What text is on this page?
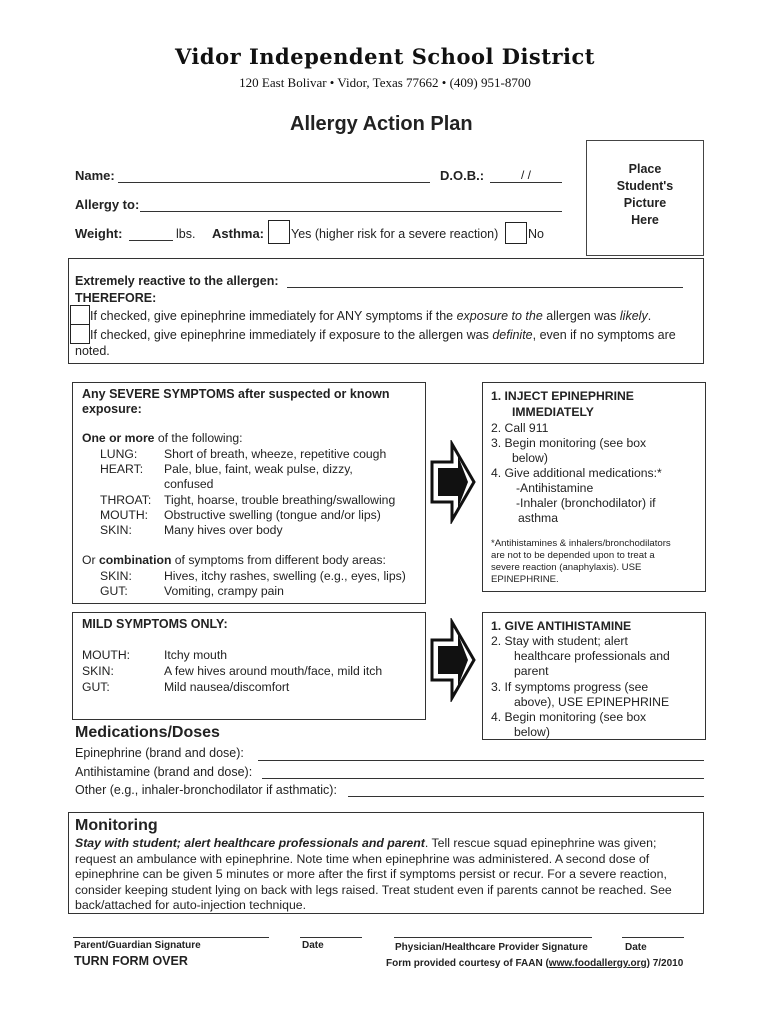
Vidor Independent School District
120 East Bolivar • Vidor, Texas 77662 • (409) 951-8700
Allergy Action Plan
Name:	D.O.B.:	/ /
Allergy to:
Weight:	lbs. Asthma: Yes (higher risk for a severe reaction) No
Place
Student's
Picture
Here
Extremely reactive to the allergen:
THEREFORE:
If checked, give epinephrine immediately for ANY symptoms if the exposure to the allergen was likely.
If checked, give epinephrine immediately if exposure to the allergen was definite, even if no symptoms are
noted.
Any SEVERE SYMPTOMS after suspected or known
exposure:
One or more of the following:
LUNG: Short of breath, wheeze, repetitive cough
HEART: Pale, blue, faint, weak pulse, dizzy,
confused
THROAT: Tight, hoarse, trouble breathing/swallowing
MOUTH: Obstructive swelling (tongue and/or lips)
SKIN:	Many hives over body
Or combination of symptoms from different body areas:
SKIN:	Hives, itchy rashes, swelling (e.g., eyes, lips)
GUT:	Vomiting, crampy pain
1. INJECT EPINEPHRINE
IMMEDIATELY
2. Call 911
3. Begin monitoring (see box
below)
4. Give additional medications:*
-Antihistamine
-Inhaler (bronchodilator) if
asthma
*Antihistamines & inhalers/bronchodilators
are not to be depended upon to treat a
severe reaction (anaphylaxis). USE
EPINEPHRINE.
MILD SYMPTOMS ONLY:
MOUTH:	Itchy mouth
SKIN:	A few hives around mouth/face, mild itch
GUT:	Mild nausea/discomfort
1. GIVE ANTIHISTAMINE
2. Stay with student; alert
healthcare professionals and
parent
3. If symptoms progress (see
above), USE EPINEPHRINE
4. Begin monitoring (see box
below)
Medications/Doses
Epinephrine (brand and dose):
Antihistamine (brand and dose):
Other (e.g., inhaler-bronchodilator if asthmatic):
Monitoring
Stay with student; alert healthcare professionals and parent. Tell rescue squad epinephrine was given;
request an ambulance with epinephrine. Note time when epinephrine was administered. A second dose of
epinephrine can be given 5 minutes or more after the first if symptoms persist or recur. For a severe reaction,
consider keeping student lying on back with legs raised. Treat student even if parents cannot be reached. See
back/attached for auto-injection technique.
Parent/Guardian Signature	Date	Physician/Healthcare Provider Signature	Date
TURN FORM OVER	Form provided courtesy of FAAN (www.foodallergy.org) 7/2010
